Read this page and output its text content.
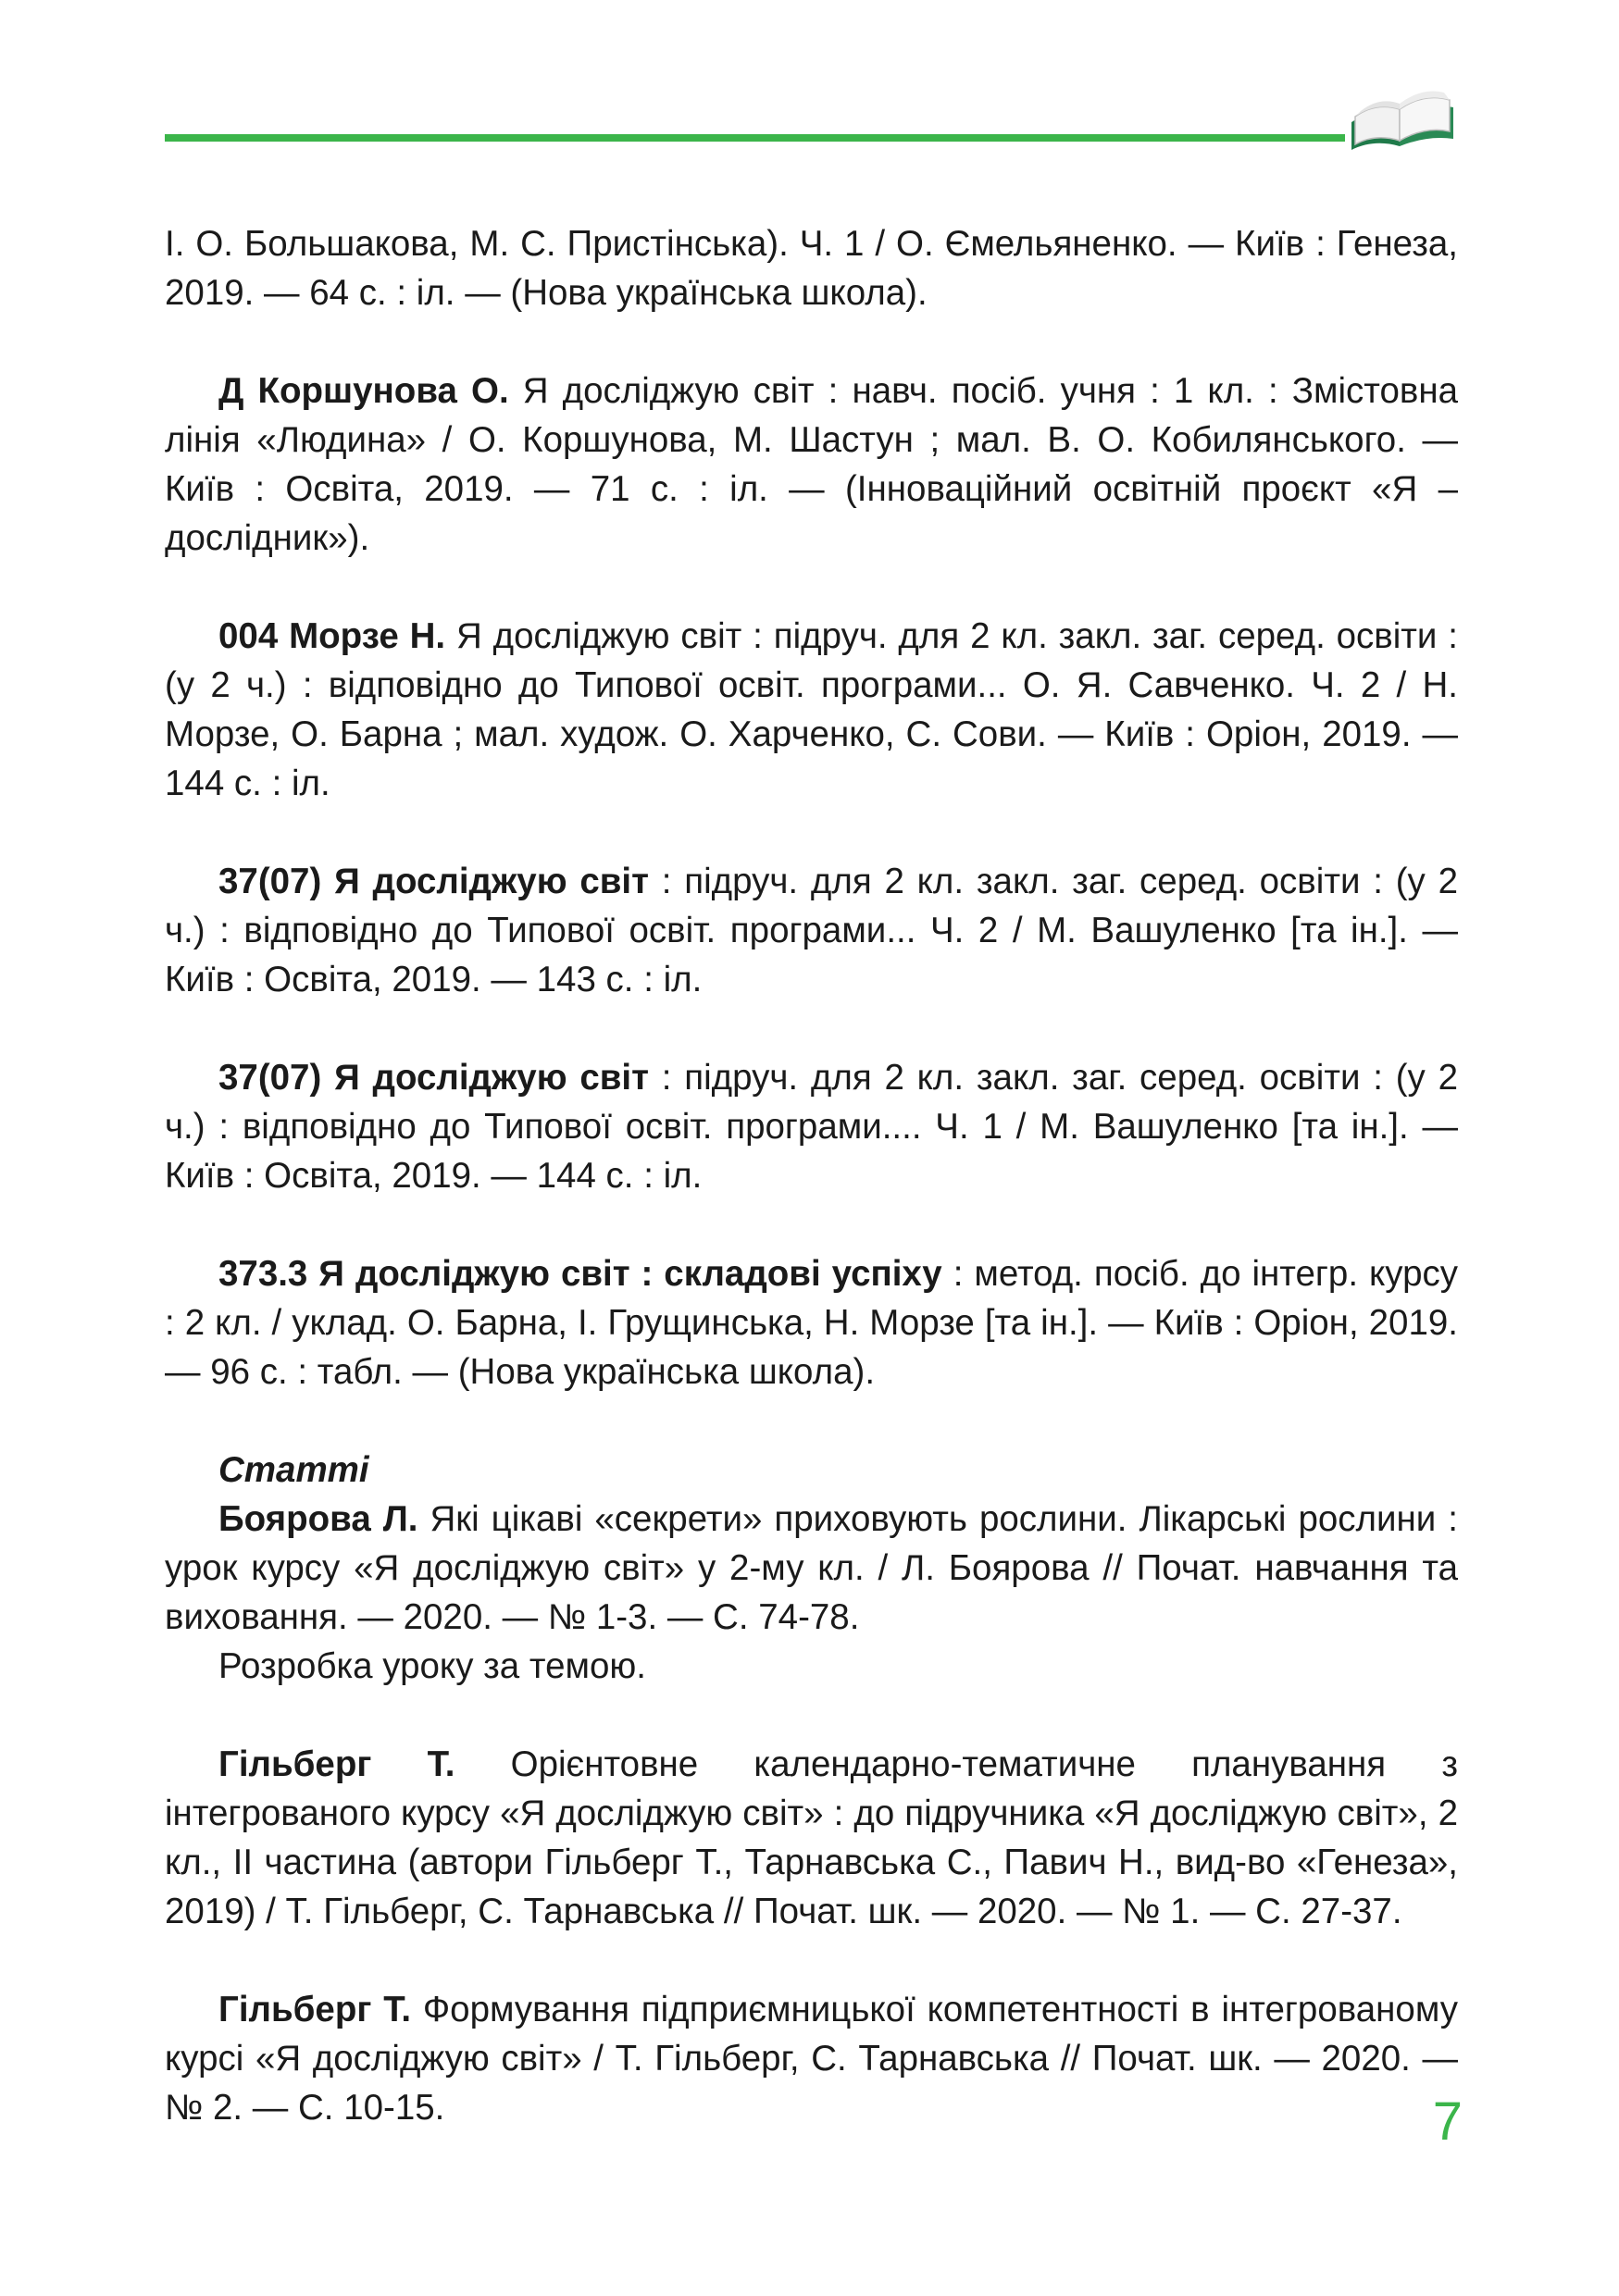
І. О. Большакова, М. С. Пристінська). Ч. 1 / О. Ємельяненко. — Київ : Генеза, 2019. — 64 с. : іл. — (Нова українська школа).

Д Коршунова О. Я досліджую світ : навч. посіб. учня : 1 кл. : Змістовна лінія «Людина» / О. Коршунова, М. Шастун ; мал. В. О. Кобилянського. — Київ : Освіта, 2019. — 71 с. : іл. — (Інноваційний освітній проєкт «Я – дослідник»).

004 Морзе Н. Я досліджую світ : підруч. для 2 кл. закл. заг. серед. освіти : (у 2 ч.) : відповідно до Типової освіт. програми... О. Я. Савченко. Ч. 2 / Н. Морзе, О. Барна ; мал. худож. О. Харченко, С. Сови. — Київ : Оріон, 2019. — 144 с. : іл.

37(07) Я досліджую світ : підруч. для 2 кл. закл. заг. серед. освіти : (у 2 ч.) : відповідно до Типової освіт. програми... Ч. 2 / М. Вашуленко [та ін.]. — Київ : Освіта, 2019. — 143 с. : іл.

37(07) Я досліджую світ : підруч. для 2 кл. закл. заг. серед. освіти : (у 2 ч.) : відповідно до Типової освіт. програми.... Ч. 1 / М. Вашуленко [та ін.]. — Київ : Освіта, 2019. — 144 с. : іл.

373.3 Я досліджую світ : складові успіху : метод. посіб. до інтегр. курсу : 2 кл. / уклад. О. Барна, І. Грущинська, Н. Морзе [та ін.]. — Київ : Оріон, 2019. — 96 с. : табл. — (Нова українська школа).

Статті

Боярова Л. Які цікаві «секрети» приховують рослини. Лікарські рослини : урок курсу «Я досліджую світ» у 2-му кл. / Л. Боярова // Почат. навчання та виховання. — 2020. — № 1-3. — С. 74-78.

Розробка уроку за темою.

Гільберг Т. Орієнтовне календарно-тематичне планування з інтегрованого курсу «Я досліджую світ» : до підручника «Я досліджую світ», 2 кл., ІІ частина (автори Гільберг Т., Тарнавська С., Павич Н., вид-во «Генеза», 2019) / Т. Гільберг, С. Тарнавська // Почат. шк. — 2020. — № 1. — С. 27-37.

Гільберг Т. Формування підприємницької компетентності в інтегрованому курсі «Я досліджую світ» / Т. Гільберг, С. Тарнавська // Почат. шк. — 2020. — № 2. — С. 10-15.	7
